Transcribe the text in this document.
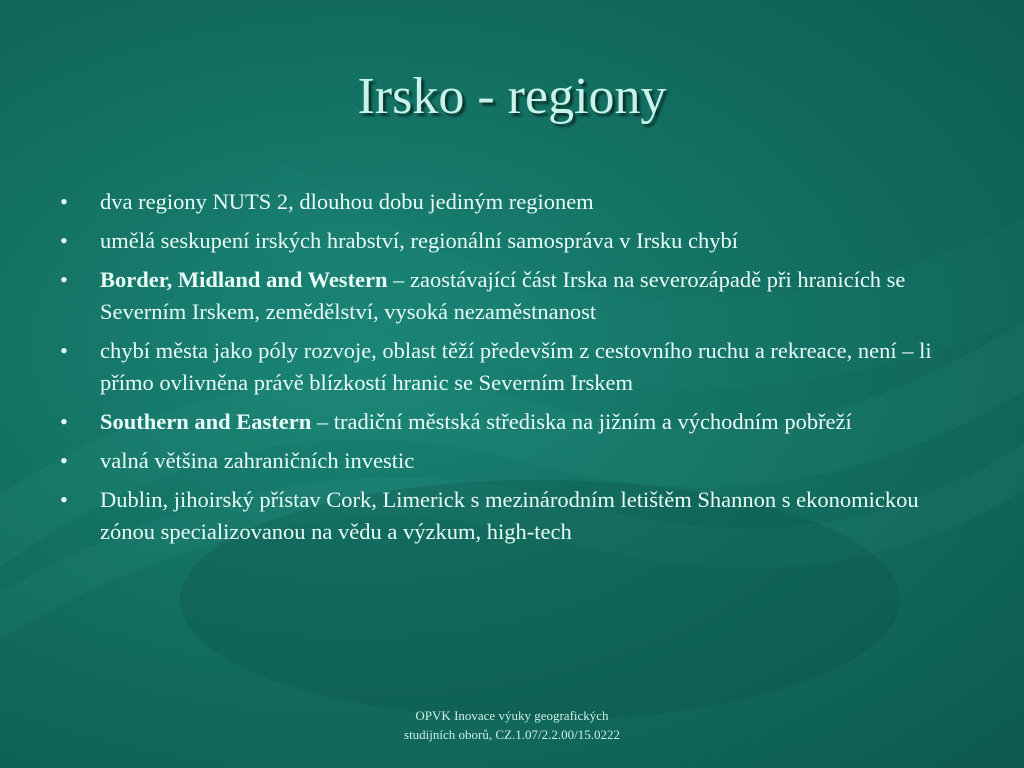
Irsko - regiony
• dva regiony NUTS 2, dlouhou dobu jediným regionem
• umělá seskupení irských hrabství, regionální samospráva v Irsku chybí
• Border, Midland and Western – zaostávající část Irska na severozápadě při hranicích se Severním Irskem, zemědělství, vysoká nezaměstnanost
• chybí města jako póly rozvoje, oblast těží především z cestovního ruchu a rekreace, není – li přímo ovlivněna právě blízkostí hranic se Severním Irskem
• Southern and Eastern – tradiční městská střediska na jižním a východním pobřeží
• valná většina zahraničních investic
• Dublin, jihoirský přístav Cork, Limerick s mezinárodním letištěm Shannon s ekonomickou zónou specializovanou na vědu a výzkum, high-tech
OPVK Inovace výuky geografických
studijních oborů, CZ.1.07/2.2.00/15.0222
